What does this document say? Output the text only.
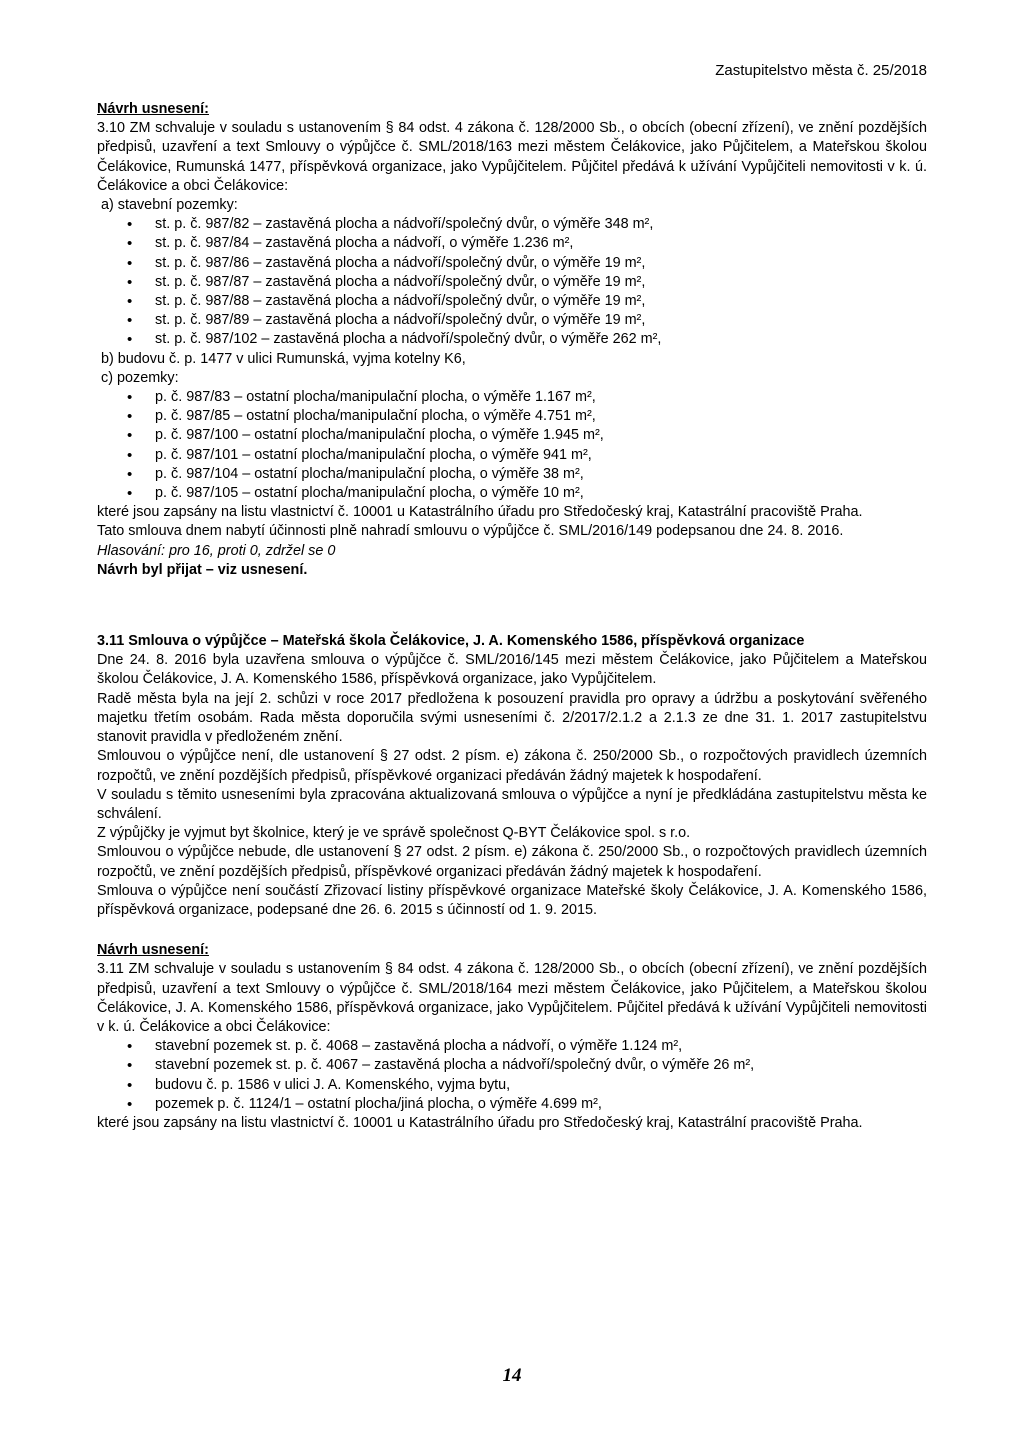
Zastupitelstvo města č. 25/2018

Návrh usnesení:

3.10 ZM schvaluje v souladu s ustanovením § 84 odst. 4 zákona č. 128/2000 Sb., o obcích (obecní zřízení), ve znění pozdějších předpisů, uzavření a text Smlouvy o výpůjčce č. SML/2018/163 mezi městem Čelákovice, jako Půjčitelem, a Mateřskou školou Čelákovice, Rumunská 1477, příspěvková organizace, jako Vypůjčitelem. Půjčitel předává k užívání Vypůjčiteli nemovitosti v k. ú. Čelákovice a obci Čelákovice:

a) stavební pozemky:

• st. p. č. 987/82 – zastavěná plocha a nádvoří/společný dvůr, o výměře 348 m²,
• st. p. č. 987/84 – zastavěná plocha a nádvoří, o výměře 1.236 m²,
• st. p. č. 987/86 – zastavěná plocha a nádvoří/společný dvůr, o výměře 19 m²,
• st. p. č. 987/87 – zastavěná plocha a nádvoří/společný dvůr, o výměře 19 m²,
• st. p. č. 987/88 – zastavěná plocha a nádvoří/společný dvůr, o výměře 19 m²,
• st. p. č. 987/89 – zastavěná plocha a nádvoří/společný dvůr, o výměře 19 m²,
• st. p. č. 987/102 – zastavěná plocha a nádvoří/společný dvůr, o výměře 262 m²,

b) budovu č. p. 1477 v ulici Rumunská, vyjma kotelny K6,

c) pozemky:

• p. č. 987/83 – ostatní plocha/manipulační plocha, o výměře 1.167 m²,
• p. č. 987/85 – ostatní plocha/manipulační plocha, o výměře 4.751 m²,
• p. č. 987/100 – ostatní plocha/manipulační plocha, o výměře 1.945 m²,
• p. č. 987/101 – ostatní plocha/manipulační plocha, o výměře 941 m²,
• p. č. 987/104 – ostatní plocha/manipulační plocha, o výměře 38 m²,
• p. č. 987/105 – ostatní plocha/manipulační plocha, o výměře 10 m²,

které jsou zapsány na listu vlastnictví č. 10001 u Katastrálního úřadu pro Středočeský kraj, Katastrální pracoviště Praha.

Tato smlouva dnem nabytí účinnosti plně nahradí smlouvu o výpůjčce č. SML/2016/149 podepsanou dne 24. 8. 2016.

Hlasování: pro 16, proti 0, zdržel se 0

Návrh byl přijat – viz usnesení.

3.11 Smlouva o výpůjčce – Mateřská škola Čelákovice, J. A. Komenského 1586, příspěvková organizace

Dne 24. 8. 2016 byla uzavřena smlouva o výpůjčce č. SML/2016/145 mezi městem Čelákovice, jako Půjčitelem a Mateřskou školou Čelákovice, J. A. Komenského 1586, příspěvková organizace, jako Vypůjčitelem.

Radě města byla na její 2. schůzi v roce 2017 předložena k posouzení pravidla pro opravy a údržbu a poskytování svěřeného majetku třetím osobám. Rada města doporučila svými usneseními č. 2/2017/2.1.2 a 2.1.3 ze dne 31. 1. 2017 zastupitelstvu stanovit pravidla v předloženém znění.

Smlouvou o výpůjčce není, dle ustanovení § 27 odst. 2 písm. e) zákona č. 250/2000 Sb., o rozpočtových pravidlech územních rozpočtů, ve znění pozdějších předpisů, příspěvkové organizaci předáván žádný majetek k hospodaření.

V souladu s těmito usneseními byla zpracována aktualizovaná smlouva o výpůjčce a nyní je předkládána zastupitelstvu města ke schválení.

Z výpůjčky je vyjmut byt školnice, který je ve správě společnost Q-BYT Čelákovice spol. s r.o.

Smlouvou o výpůjčce nebude, dle ustanovení § 27 odst. 2 písm. e) zákona č. 250/2000 Sb., o rozpočtových pravidlech územních rozpočtů, ve znění pozdějších předpisů, příspěvkové organizaci předáván žádný majetek k hospodaření.

Smlouva o výpůjčce není součástí Zřizovací listiny příspěvkové organizace Mateřské školy Čelákovice, J. A. Komenského 1586, příspěvková organizace, podepsané dne 26. 6. 2015 s účinností od 1. 9. 2015.

Návrh usnesení:

3.11 ZM schvaluje v souladu s ustanovením § 84 odst. 4 zákona č. 128/2000 Sb., o obcích (obecní zřízení), ve znění pozdějších předpisů, uzavření a text Smlouvy o výpůjčce č. SML/2018/164 mezi městem Čelákovice, jako Půjčitelem, a Mateřskou školou Čelákovice, J. A. Komenského 1586, příspěvková organizace, jako Vypůjčitelem. Půjčitel předává k užívání Vypůjčiteli nemovitosti v k. ú. Čelákovice a obci Čelákovice:

• stavební pozemek st. p. č. 4068 – zastavěná plocha a nádvoří, o výměře 1.124 m²,
• stavební pozemek st. p. č. 4067 – zastavěná plocha a nádvoří/společný dvůr, o výměře 26 m²,
• budovu č. p. 1586 v ulici J. A. Komenského, vyjma bytu,
• pozemek p. č. 1124/1 – ostatní plocha/jiná plocha, o výměře 4.699 m²,

které jsou zapsány na listu vlastnictví č. 10001 u Katastrálního úřadu pro Středočeský kraj, Katastrální pracoviště Praha.

14
